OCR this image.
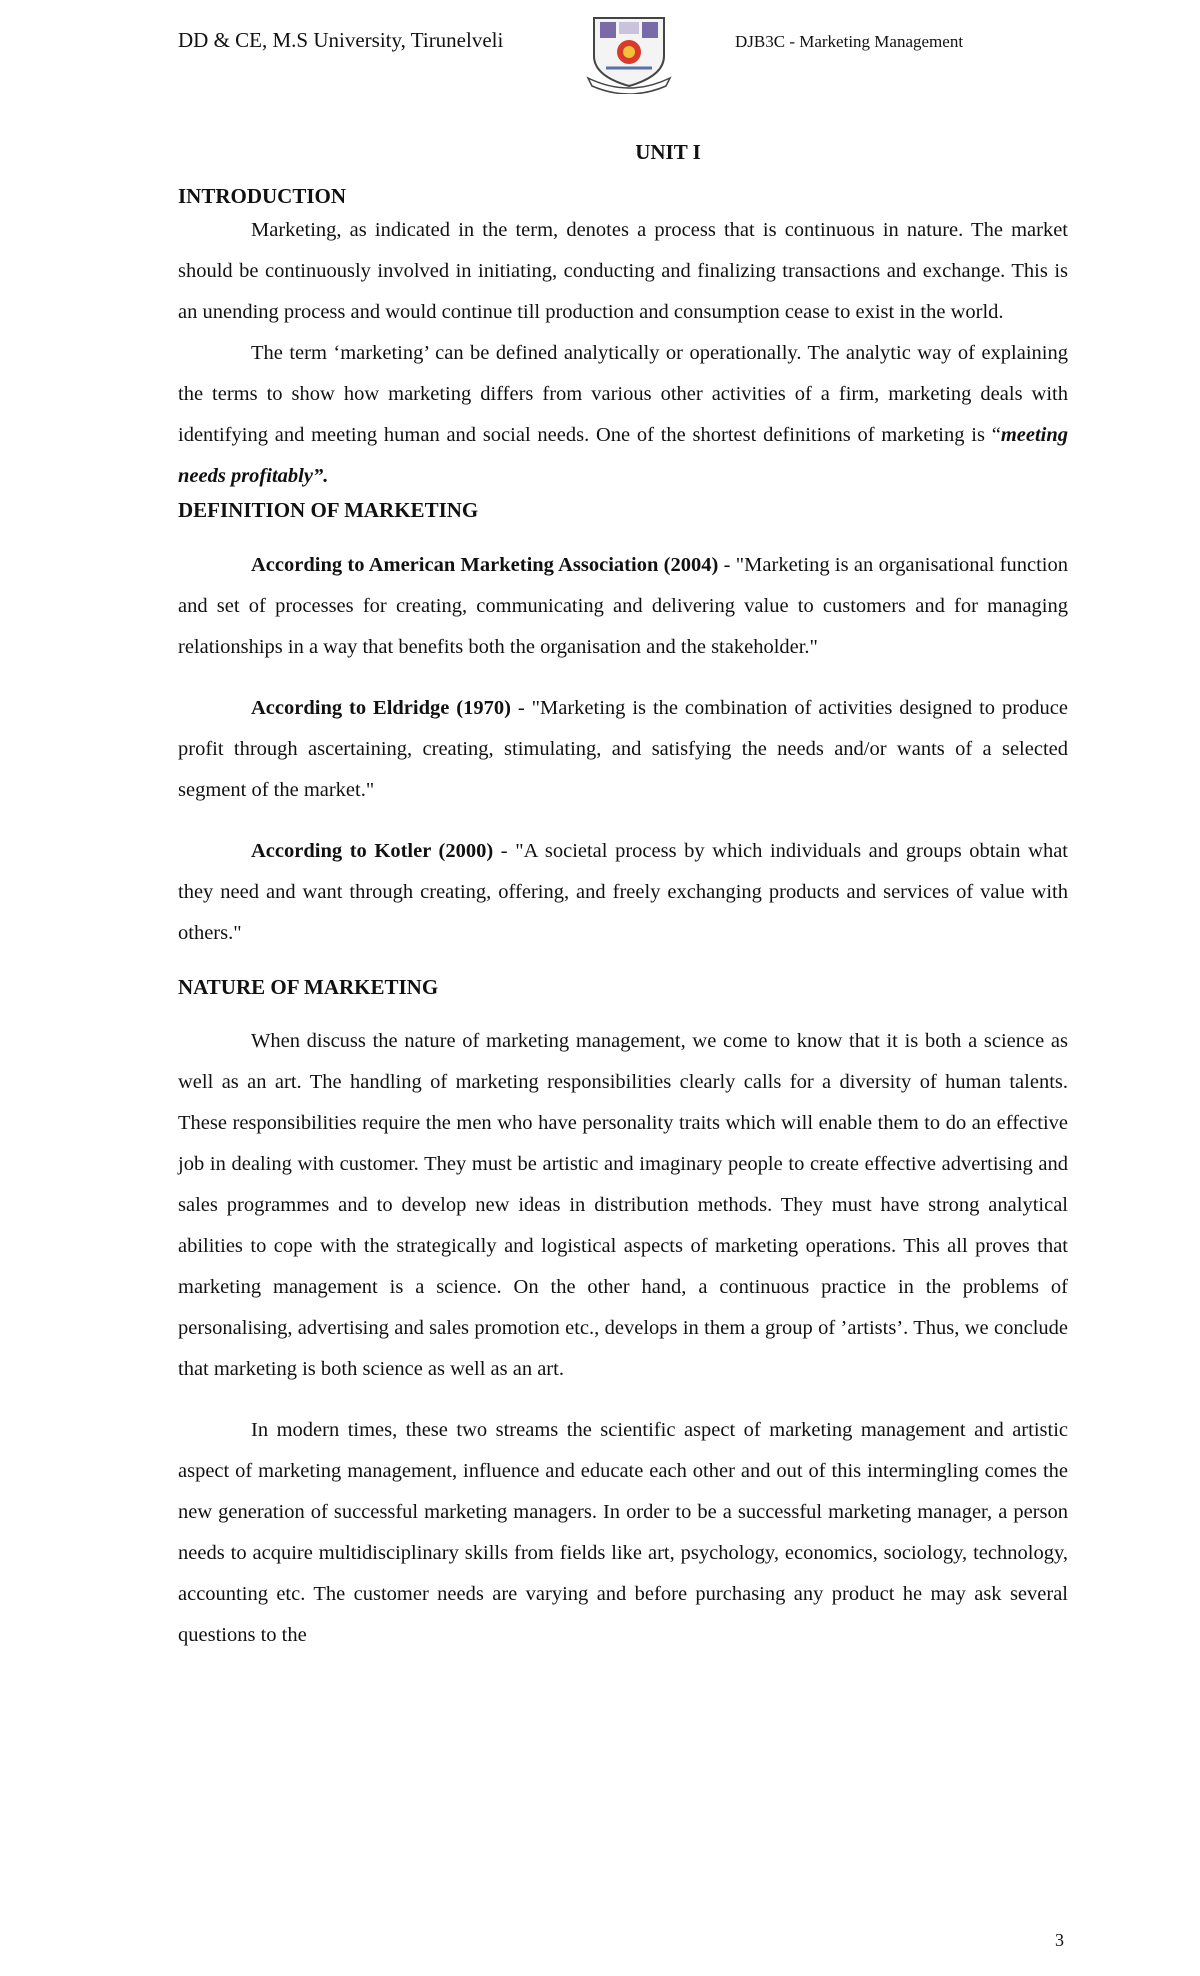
DD & CE, M.S University, Tirunelveli	DJB3C - Marketing Management
UNIT I
INTRODUCTION

Marketing, as indicated in the term, denotes a process that is continuous in nature. The market should be continuously involved in initiating, conducting and finalizing transactions and exchange. This is an unending process and would continue till production and consumption cease to exist in the world.

The term ‘marketing’ can be defined analytically or operationally. The analytic way of explaining the terms to show how marketing differs from various other activities of a firm, marketing deals with identifying and meeting human and social needs. One of the shortest definitions of marketing is “meeting needs profitably”.

DEFINITION OF MARKETING

According to American Marketing Association (2004) - "Marketing is an organisational function and set of processes for creating, communicating and delivering value to customers and for managing relationships in a way that benefits both the organisation and the stakeholder."

According to Eldridge (1970) - "Marketing is the combination of activities designed to produce profit through ascertaining, creating, stimulating, and satisfying the needs and/or wants of a selected segment of the market."

According to Kotler (2000) - "A societal process by which individuals and groups obtain what they need and want through creating, offering, and freely exchanging products and services of value with others."

NATURE OF MARKETING

When discuss the nature of marketing management, we come to know that it is both a science as well as an art. The handling of marketing responsibilities clearly calls for a diversity of human talents. These responsibilities require the men who have personality traits which will enable them to do an effective job in dealing with customer. They must be artistic and imaginary people to create effective advertising and sales programmes and to develop new ideas in distribution methods. They must have strong analytical abilities to cope with the strategically and logistical aspects of marketing operations. This all proves that marketing management is a science. On the other hand, a continuous practice in the problems of personalising, advertising and sales promotion etc., develops in them a group of ’artists’. Thus, we conclude that marketing is both science as well as an art.

In modern times, these two streams the scientific aspect of marketing management and artistic aspect of marketing management, influence and educate each other and out of this intermingling comes the new generation of successful marketing managers. In order to be a successful marketing manager, a person needs to acquire multidisciplinary skills from fields like art, psychology, economics, sociology, technology, accounting etc. The customer needs are varying and before purchasing any product he may ask several questions to the

3
